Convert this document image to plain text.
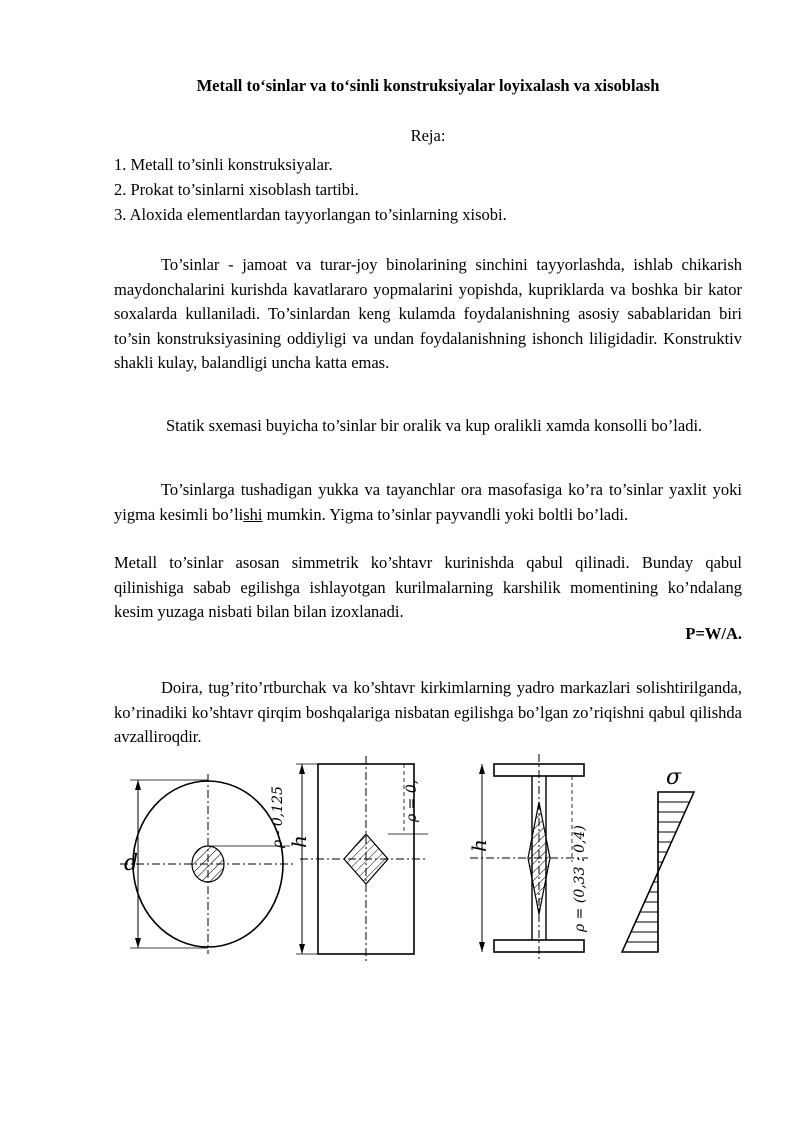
Metall to‘sinlar va to‘sinli konstruksiyalar loyixalash va xisoblash
Reja:
1. Metall to’sinli konstruksiyalar.
2. Prokat to’sinlarni xisoblash tartibi.
3. Aloxida elementlardan tayyorlangan to’sinlarning xisobi.
To’sinlar - jamoat va turar-joy binolarining sinchini tayyorlashda, ishlab chikarish maydonchalarini kurishda kavatlararo yopmalarini yopishda, kupriklarda va boshka bir kator soxalarda kullaniladi. To’sinlardan keng kulamda foydalanishning asosiy sabablaridan biri to’sin konstruksiyasining oddiyligi va undan foydalanishning ishonch liligidadir. Konstruktiv shakli kulay, balandligi uncha katta emas.
Statik sxemasi buyicha to’sinlar bir oralik va kup oralikli xamda konsolli bo’ladi.
To’sinlarga tushadigan yukka va tayanchlar ora masofasiga ko’ra to’sinlar yaxlit yoki yigma kesimli bo’lishi mumkin. Yigma to’sinlar payvandli yoki boltli bo’ladi.
Metall to’sinlar asosan simmetrik ko’shtavr kurinishda qabul qilinadi. Bunday qabul qilinishiga sabab egilishga ishlayotgan kurilmalarning karshilik momentining ko’ndalang kesim yuzaga nisbati bilan bilan izoxlanadi.
P=W/A.
Doira, tug’rito’rtburchak va ko’shtavr kirkimlarning yadro markazlari solishtirilganda, ko’rinadiki ko’shtavr qirqim boshqalariga nisbatan egilishga bo’lgan zo’riqishni qabul qilishda avzalliroqdir.
d
ρ - 0,125 h
ρ = 0,
h	ρ = (0,33 : 0,4)
σ
